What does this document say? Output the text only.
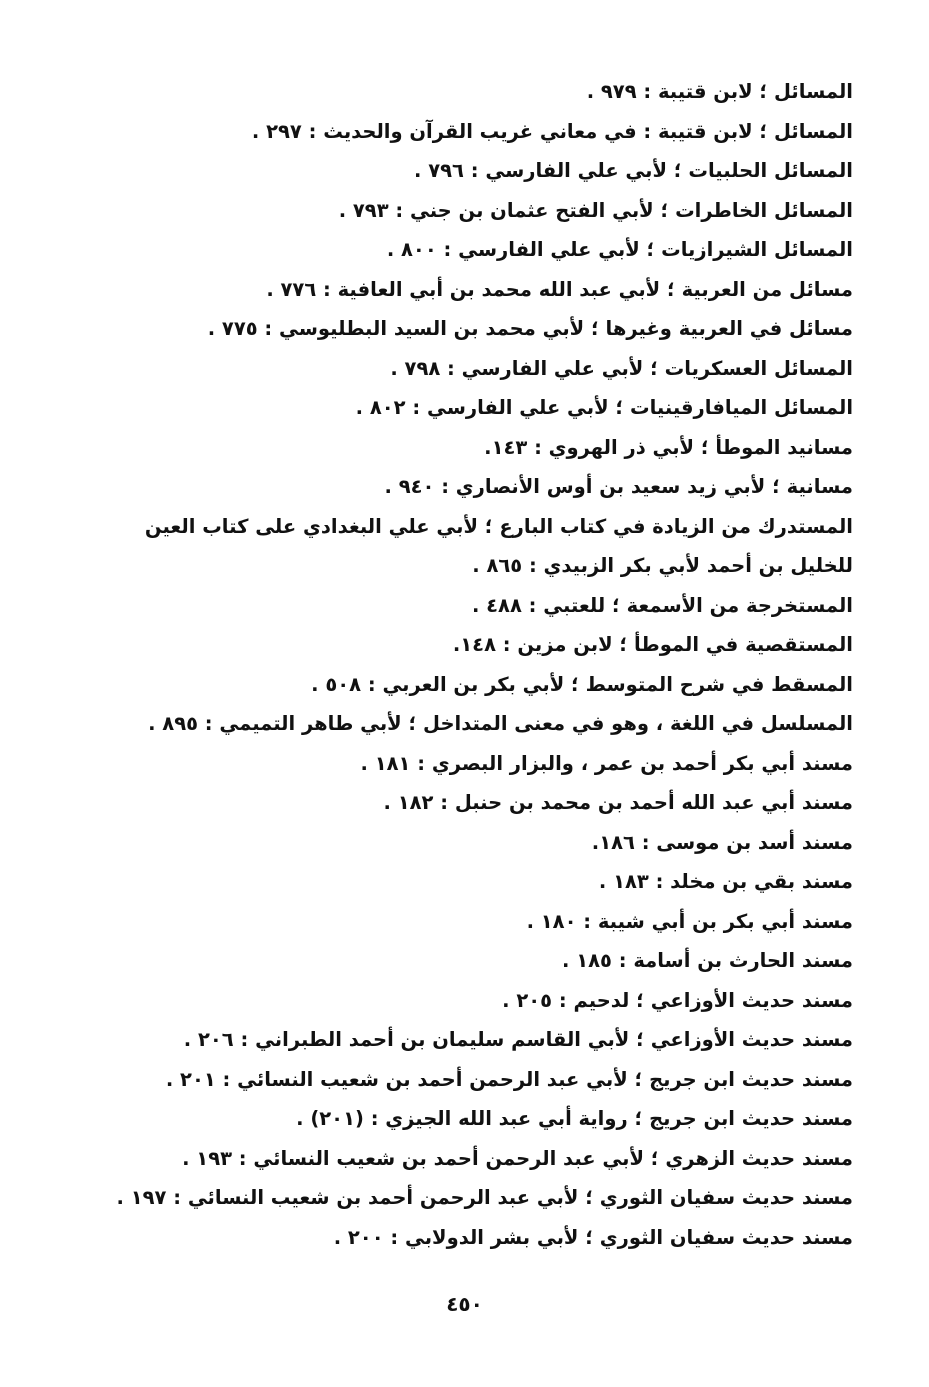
المسائل ؛ لابن قتيبة : ٩٧٩ .
المسائل ؛ لابن قتيبة : في معاني غريب القرآن والحديث : ٢٩٧ .
المسائل الحلبيات ؛ لأبي علي الفارسي : ٧٩٦ .
المسائل الخاطرات ؛ لأبي الفتح عثمان بن جني : ٧٩٣ .
المسائل الشيرازيات ؛ لأبي علي الفارسي : ٨٠٠ .
مسائل من العربية ؛ لأبي عبد الله محمد بن أبي العافية : ٧٧٦ .
مسائل في العربية وغيرها ؛ لأبي محمد بن السيد البطليوسي : ٧٧٥ .
المسائل العسكريات ؛ لأبي علي الفارسي : ٧٩٨ .
المسائل الميافارقينيات ؛ لأبي علي الفارسي : ٨٠٢ .
مسانيد الموطأ ؛ لأبي ذر الهروي : ١٤٣.
مسانية ؛ لأبي زيد سعيد بن أوس الأنصاري : ٩٤٠ .
المستدرك من الزيادة في كتاب البارع ؛ لأبي علي البغدادي على كتاب العين للخليل بن أحمد لأبي بكر الزبيدي : ٨٦٥ .
المستخرجة من الأسمعة ؛ للعتبي : ٤٨٨ .
المستقصية في الموطأ ؛ لابن مزين : ١٤٨.
المسقط في شرح المتوسط ؛ لأبي بكر بن العربي : ٥٠٨ .
المسلسل في اللغة ، وهو في معنى المتداخل ؛ لأبي طاهر التميمي : ٨٩٥ .
مسند أبي بكر أحمد بن عمر ، والبزار البصري : ١٨١ .
مسند أبي عبد الله أحمد بن محمد بن حنبل : ١٨٢ .
مسند أسد بن موسى : ١٨٦.
مسند بقي بن مخلد : ١٨٣ .
مسند أبي بكر بن أبي شيبة : ١٨٠ .
مسند الحارث بن أسامة : ١٨٥ .
مسند حديث الأوزاعي ؛ لدحيم : ٢٠٥ .
مسند حديث الأوزاعي ؛ لأبي القاسم سليمان بن أحمد الطبراني : ٢٠٦ .
مسند حديث ابن جريج ؛ لأبي عبد الرحمن أحمد بن شعيب النسائي : ٢٠١ .
مسند حديث ابن جريج ؛ رواية أبي عبد الله الجيزي : (٢٠١) .
مسند حديث الزهري ؛ لأبي عبد الرحمن أحمد بن شعيب النسائي : ١٩٣ .
مسند حديث سفيان الثوري ؛ لأبي عبد الرحمن أحمد بن شعيب النسائي : ١٩٧ .
مسند حديث سفيان الثوري ؛ لأبي بشر الدولابي : ٢٠٠ .
٤٥٠
